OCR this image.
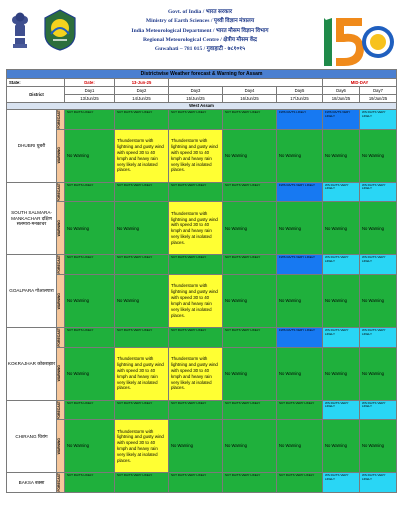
Govt. of India / भारत सरकार
Ministry of Earth Sciences / पृथ्वी विज्ञान मंत्रालय
India Meteorological Department / भारत मौसम विज्ञान विभाग
Regional Meteorological Centre / क्षेत्रीय मौसम केंद्र
Guwahati – 781 015 / गुवाहाटी - ७८१०१५
Districtwise Weather forecast & Warning for Assam								
State:		Date:	13-Jun-25				MID-DAY	
District		Day1	Day2	Day3	Day4	Day5	Day6	Day7
		13/Jun/25	14/Jun/25	15/Jun/25	16/Jun/25	17/Jun/25	18/Jun/25	19/Jun/25
West Assam								
DHUBRI धुबरी	FORECAST	SCT RA/TS LIKELY	SCT RA/TS VERY LIKELY	SCT RA/TS VERY LIKELY	SCT RA/TS VERY LIKELY	FWS RA/TS LIKELY	FWS RA/TS VERY LIKELY	WS RA/TS VERY LIKELY

	WARNING	No Warning	Thunderstorm with lightning and gusty wind with speed 30 to 40 kmph and heavy rain very likely at isolated places.	Thunderstorm with lightning and gusty wind with speed 30 to 40 kmph and heavy rain very likely at isolated places.	No Warning	No Warning	No Warning	No Warning
SOUTH SALMARA-MANKACHAR दक्षिण सलमारा-मनकाचर	FORECAST	SCT RA/TS LIKELY	SCT RA/TS VERY LIKELY	SCT RA/TS VERY LIKELY	SCT RA/TS VERY LIKELY	FWS RA/TS VERY LIKELY	WS RA/TS VERY LIKELY	WS RA/TS VERY LIKELY

	WARNING	No Warning	No Warning	Thunderstorm with lightning and gusty wind with speed 30 to 40 kmph and heavy rain very likely at isolated places.	No Warning	No Warning	No Warning	No Warning
GOALPARA गोआलपारा	FORECAST	SCT RA/TS LIKELY	SCT RA/TS VERY LIKELY	SCT RA/TS VERY LIKELY	SCT RA/TS VERY LIKELY	FWS RA/TS VERY LIKELY	WS RA/TS VERY LIKELY	WS RA/TS VERY LIKELY

	WARNING	No Warning	No Warning	Thunderstorm with lightning and gusty wind with speed 30 to 40 kmph and heavy rain very likely at isolated places.	No Warning	No Warning	No Warning	No Warning
KOKRAJHAR कोकराझार	FORECAST	SCT RA/TS LIKELY	SCT RA/TS VERY LIKELY	SCT RA/TS VERY LIKELY	SCT RA/TS VERY LIKELY	FWS RA/TS VERY LIKELY	WS RA/TS VERY LIKELY	WS RA/TS VERY LIKELY

	WARNING	No Warning	Thunderstorm with lightning and gusty wind with speed 30 to 40 kmph and heavy rain very likely at isolated places.	Thunderstorm with lightning and gusty wind with speed 30 to 40 kmph and heavy rain very likely at isolated places.	No Warning	No Warning	No Warning	No Warning
CHIRANG चिरांग	FORECAST	SCT RA/TS LIKELY	SCT RA/TS VERY LIKELY	SCT RA/TS VERY LIKELY	SCT RA/TS VERY LIKELY	SCT RA/TS VERY LIKELY	WS RA/TS VERY LIKELY	WS RA/TS VERY LIKELY

	WARNING	No Warning	Thunderstorm with lightning and gusty wind with speed 30 to 40 kmph and heavy rain very likely at isolated places.	No Warning	No Warning	No Warning	No Warning	No Warning
BAKSA बक्सा	FORECAST	SCT RA/TS LIKELY	SCT RA/TS VERY LIKELY	SCT RA/TS VERY LIKELY	SCT RA/TS VERY LIKELY	SCT RA/TS VERY LIKELY	WS RA/TS VERY LIKELY	WS RA/TS VERY LIKELY
